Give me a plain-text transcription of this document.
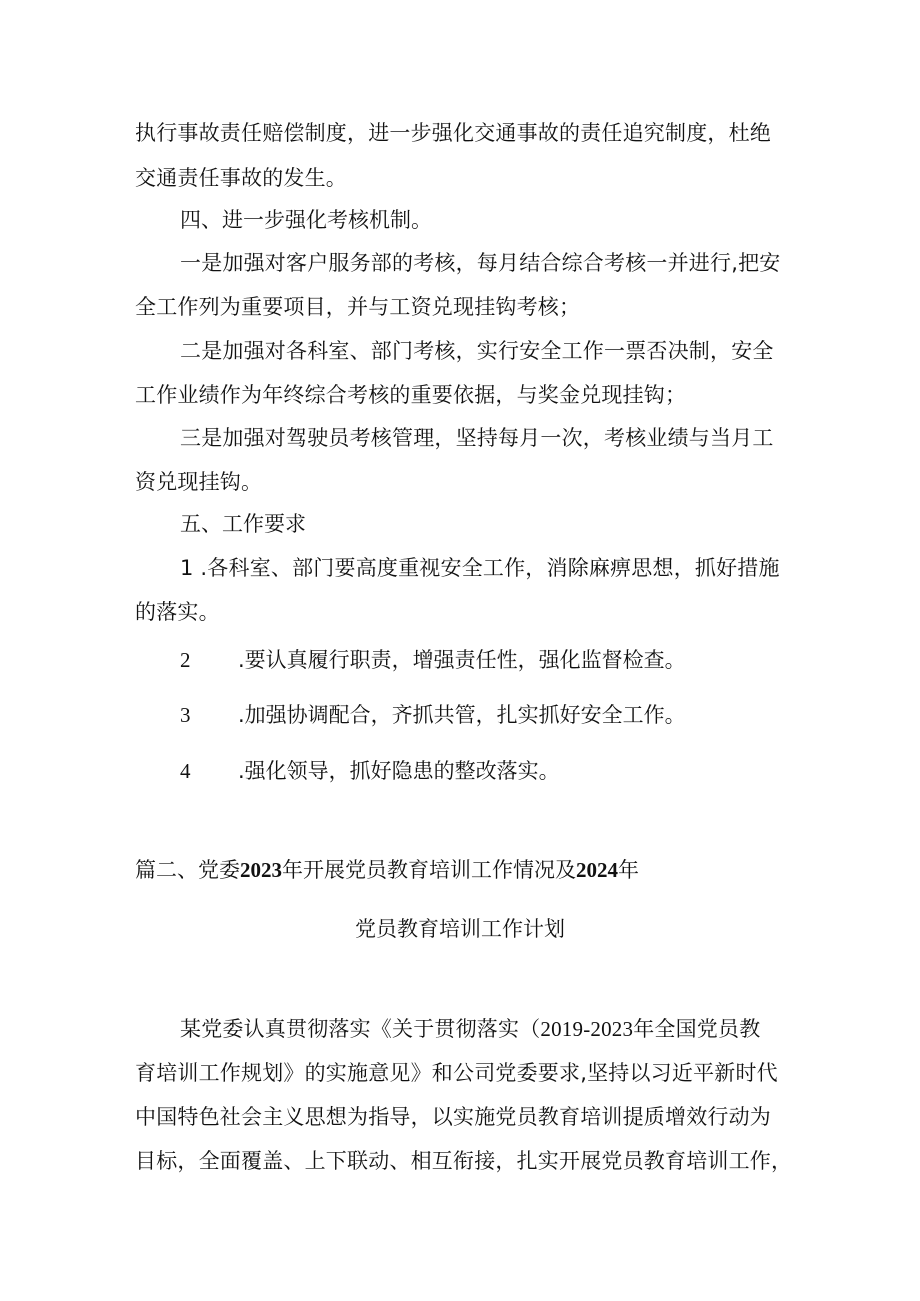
执行事故责任赔偿制度，进一步强化交通事故的责任追究制度，杜绝
交通责任事故的发生。
四、进一步强化考核机制。
一是加强对客户服务部的考核，每月结合综合考核一并进行,把安
全工作列为重要项目，并与工资兑现挂钩考核；
二是加强对各科室、部门考核，实行安全工作一票否决制，安全
工作业绩作为年终综合考核的重要依据，与奖金兑现挂钩；
三是加强对驾驶员考核管理，坚持每月一次，考核业绩与当月工
资兑现挂钩。
五、工作要求
1 .各科室、部门要高度重视安全工作，消除麻痹思想，抓好措施
的落实。
2 .要认真履行职责，增强责任性，强化监督检查。
3 .加强协调配合，齐抓共管，扎实抓好安全工作。
4 .强化领导，抓好隐患的整改落实。
篇二、党委2023年开展党员教育培训工作情况及2024年
党员教育培训工作计划
某党委认真贯彻落实《关于贯彻落实（2019-2023年全国党员教
育培训工作规划》的实施意见》和公司党委要求,坚持以习近平新时代
中国特色社会主义思想为指导，以实施党员教育培训提质增效行动为
目标，全面覆盖、上下联动、相互衔接，扎实开展党员教育培训工作，
